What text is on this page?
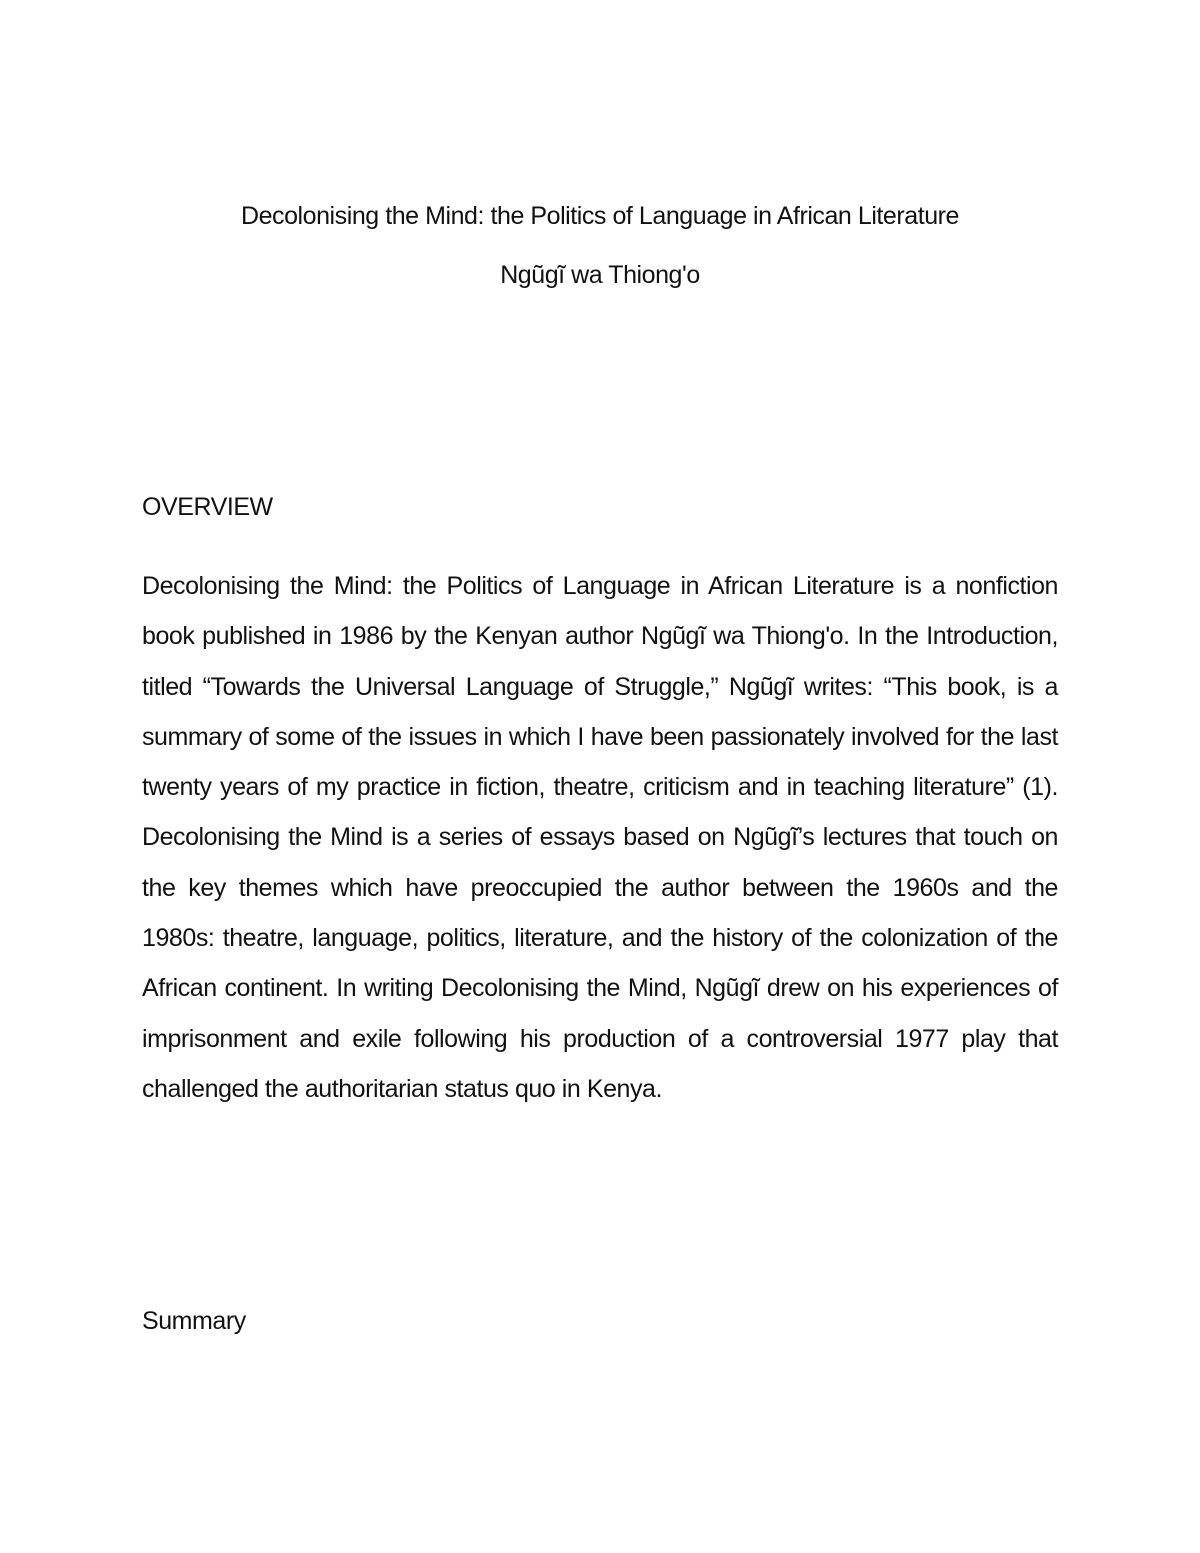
Decolonising the Mind: the Politics of Language in African Literature
Ngũgĩ wa Thiong'o
OVERVIEW

Decolonising the Mind: the Politics of Language in African Literature is a nonfiction book published in 1986 by the Kenyan author Ngũgĩ wa Thiong'o. In the Introduction, titled “Towards the Universal Language of Struggle,” Ngũgĩ writes: “This book, is a summary of some of the issues in which I have been passionately involved for the last twenty years of my practice in fiction, theatre, criticism and in teaching literature” (1). Decolonising the Mind is a series of essays based on Ngũgĩ’s lectures that touch on the key themes which have preoccupied the author between the 1960s and the 1980s: theatre, language, politics, literature, and the history of the colonization of the African continent. In writing Decolonising the Mind, Ngũgĩ drew on his experiences of imprisonment and exile following his production of a controversial 1977 play that challenged the authoritarian status quo in Kenya.

Summary
